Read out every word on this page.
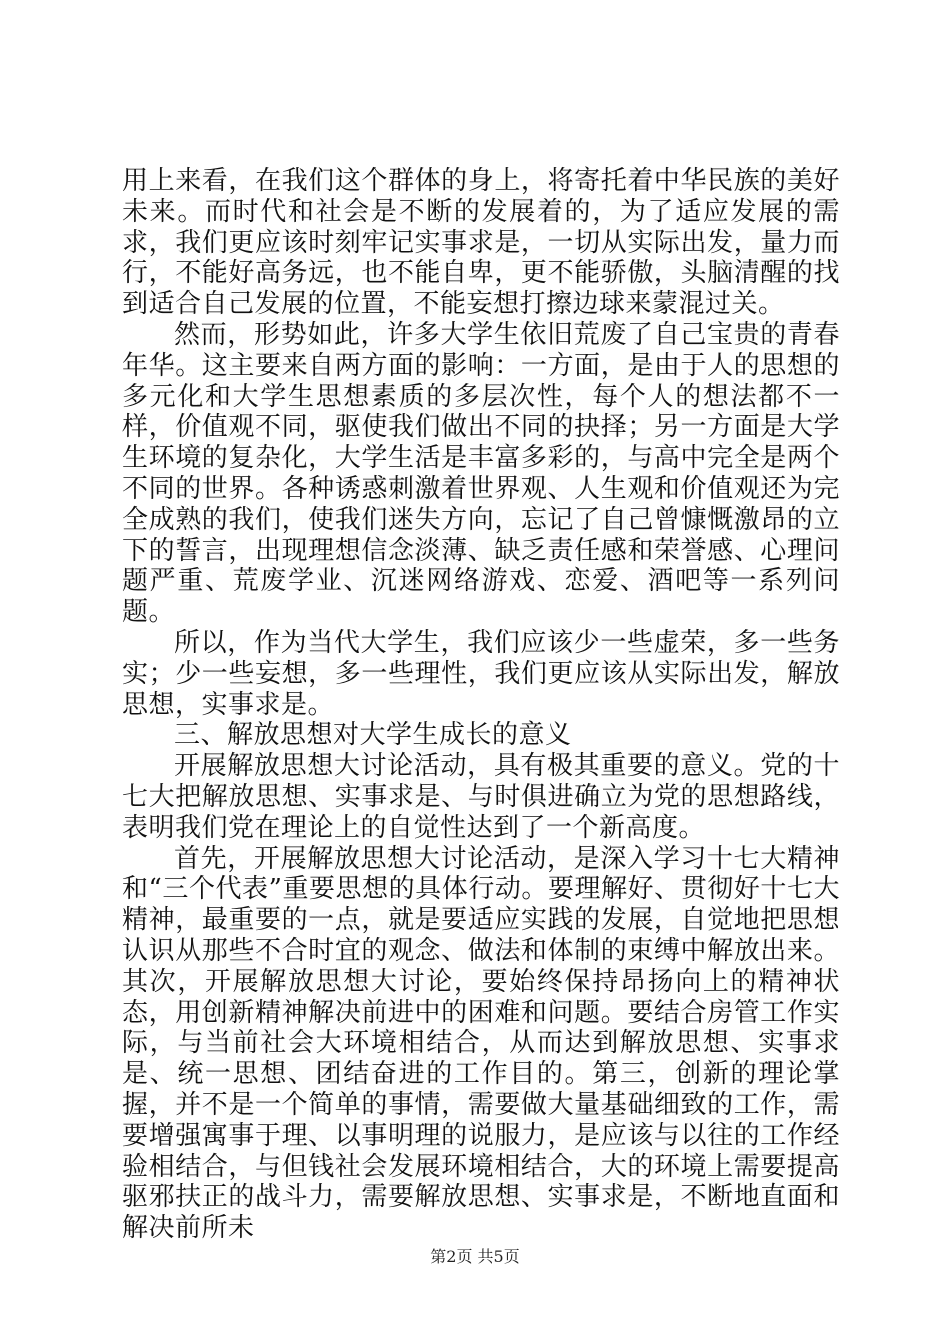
用上来看，在我们这个群体的身上，将寄托着中华民族的美好未来。而时代和社会是不断的发展着的，为了适应发展的需求，我们更应该时刻牢记实事求是，一切从实际出发，量力而行，不能好高务远，也不能自卑，更不能骄傲，头脑清醒的找到适合自己发展的位置，不能妄想打擦边球来蒙混过关。

然而，形势如此，许多大学生依旧荒废了自己宝贵的青春年华。这主要来自两方面的影响：一方面，是由于人的思想的多元化和大学生思想素质的多层次性，每个人的想法都不一样，价值观不同，驱使我们做出不同的抉择；另一方面是大学生环境的复杂化，大学生活是丰富多彩的，与高中完全是两个不同的世界。各种诱惑刺激着世界观、人生观和价值观还为完全成熟的我们，使我们迷失方向，忘记了自己曾慷慨激昂的立下的誓言，出现理想信念淡薄、缺乏责任感和荣誉感、心理问题严重、荒废学业、沉迷网络游戏、恋爱、酒吧等一系列问题。

所以，作为当代大学生，我们应该少一些虚荣，多一些务实；少一些妄想，多一些理性，我们更应该从实际出发，解放思想，实事求是。

三、解放思想对大学生成长的意义

开展解放思想大讨论活动，具有极其重要的意义。党的十七大把解放思想、实事求是、与时俱进确立为党的思想路线，表明我们党在理论上的自觉性达到了一个新高度。

首先，开展解放思想大讨论活动，是深入学习十七大精神和“三个代表”重要思想的具体行动。要理解好、贯彻好十七大精神，最重要的一点，就是要适应实践的发展，自觉地把思想认识从那些不合时宜的观念、做法和体制的束缚中解放出来。其次，开展解放思想大讨论，要始终保持昂扬向上的精神状态，用创新精神解决前进中的困难和问题。要结合房管工作实际，与当前社会大环境相结合，从而达到解放思想、实事求是、统一思想、团结奋进的工作目的。第三，创新的理论掌握，并不是一个简单的事情，需要做大量基础细致的工作，需要增强寓事于理、以事明理的说服力，是应该与以往的工作经验相结合，与但钱社会发展环境相结合，大的环境上需要提高驱邪扶正的战斗力，需要解放思想、实事求是，不断地直面和解决前所未

第2页 共5页
